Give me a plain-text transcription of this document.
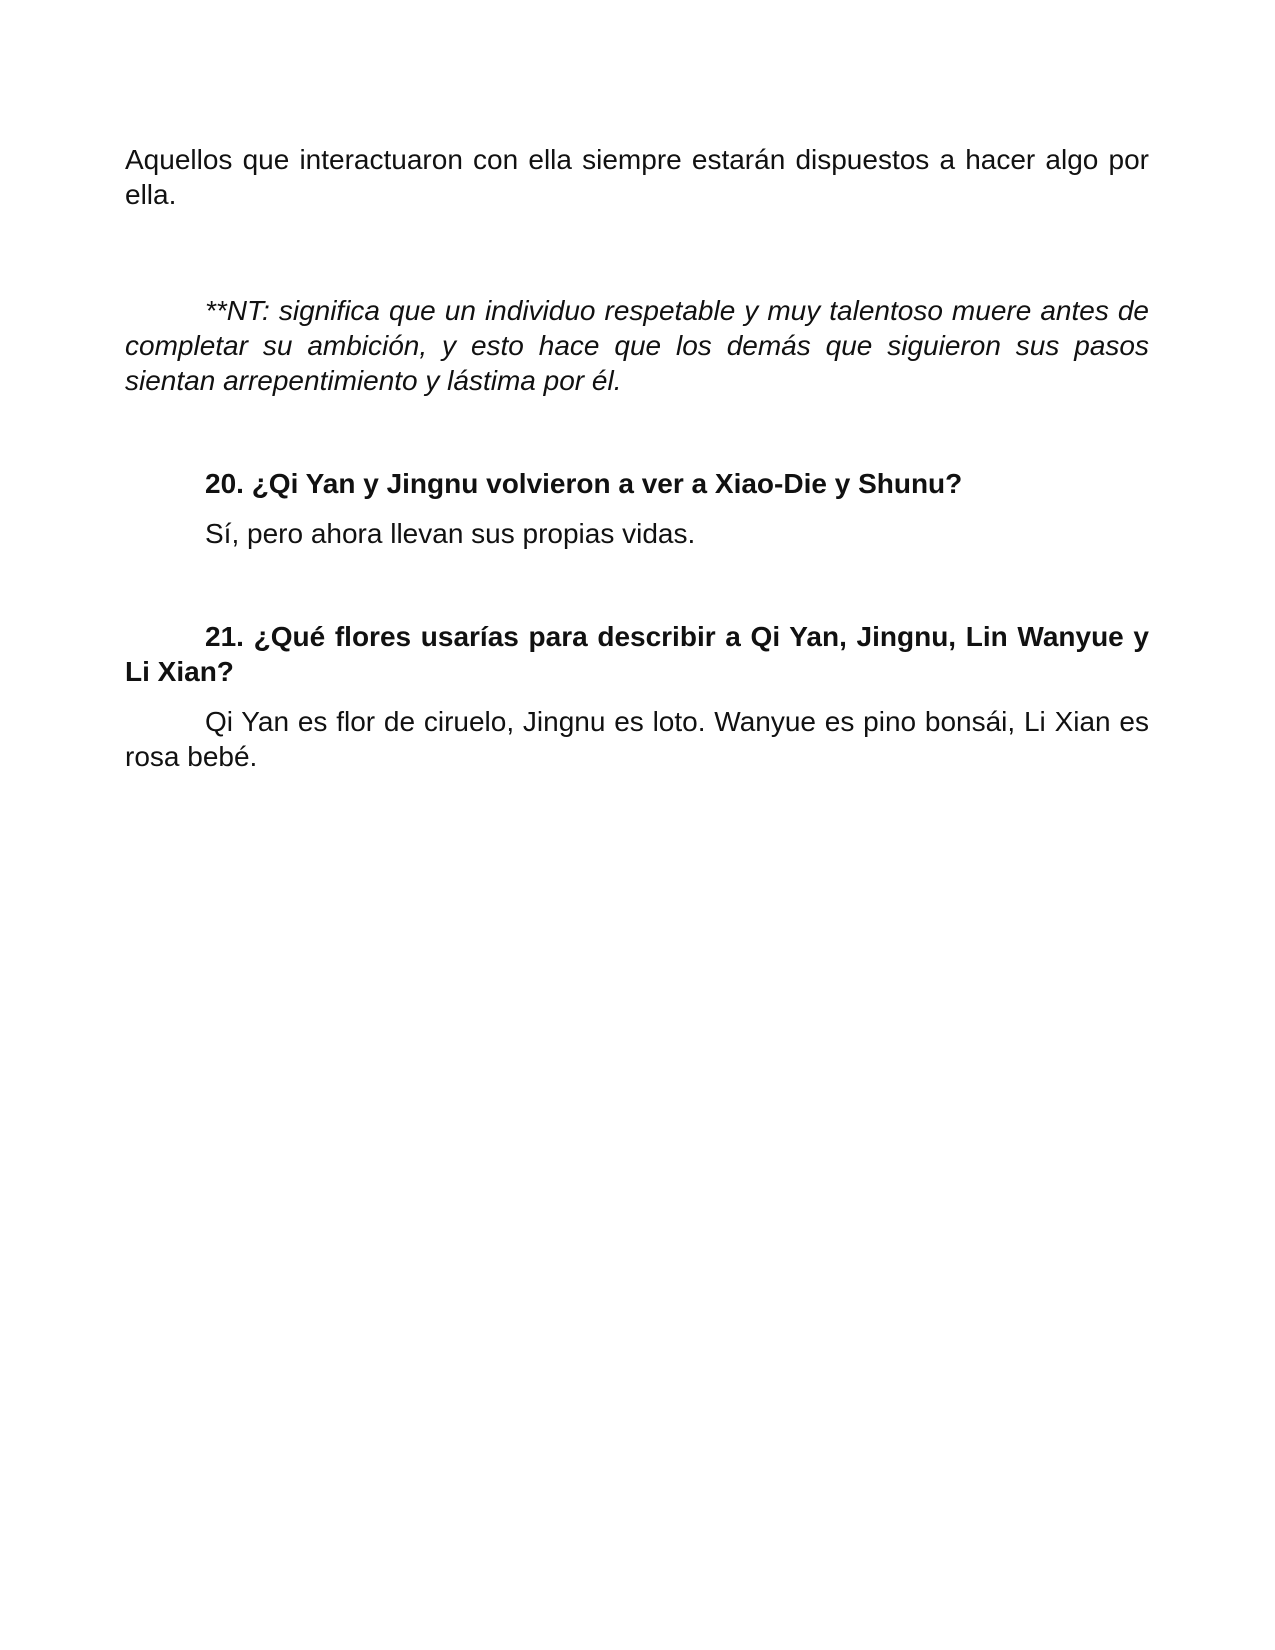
Aquellos que interactuaron con ella siempre estarán dispuestos a hacer algo por ella.

**NT: significa que un individuo respetable y muy talentoso muere antes de completar su ambición, y esto hace que los demás que siguieron sus pasos sientan arrepentimiento y lástima por él.

20. ¿Qi Yan y Jingnu volvieron a ver a Xiao-Die y Shunu?

Sí, pero ahora llevan sus propias vidas.

21. ¿Qué flores usarías para describir a Qi Yan, Jingnu, Lin Wanyue y Li Xian?

Qi Yan es flor de ciruelo, Jingnu es loto. Wanyue es pino bonsái, Li Xian es rosa bebé.
